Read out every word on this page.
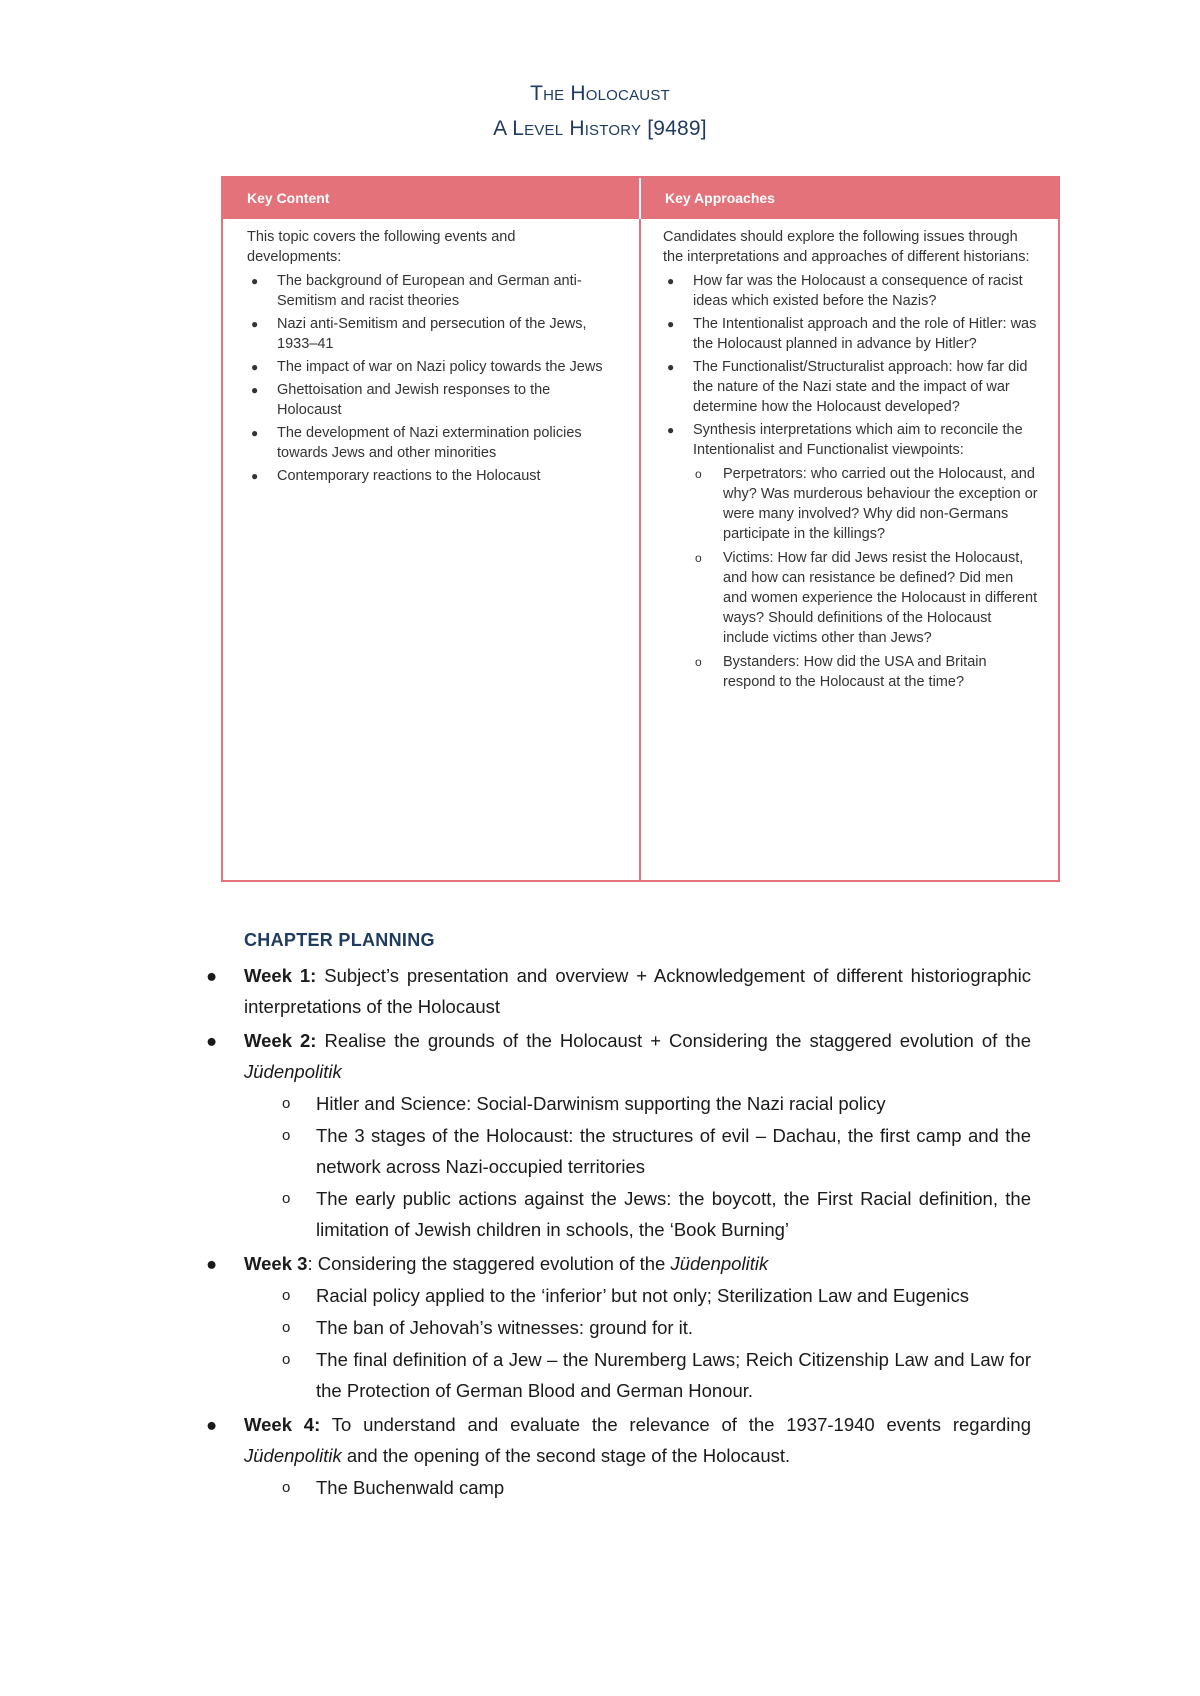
The Holocaust
A Level History [9489]
Key Content	Key Approaches

This topic covers the following events and developments:

● The background of European and German anti-Semitism and racist theories
● Nazi anti-Semitism and persecution of the Jews, 1933–41
● The impact of war on Nazi policy towards the Jews
● Ghettoisation and Jewish responses to the Holocaust
● The development of Nazi extermination policies towards Jews and other minorities
● Contemporary reactions to the Holocaust

Candidates should explore the following issues through the interpretations and approaches of different historians:

● How far was the Holocaust a consequence of racist ideas which existed before the Nazis?
● The Intentionalist approach and the role of Hitler: was the Holocaust planned in advance by Hitler?
● The Functionalist/Structuralist approach: how far did the nature of the Nazi state and the impact of war determine how the Holocaust developed?
● Synthesis interpretations which aim to reconcile the Intentionalist and Functionalist viewpoints:
o Perpetrators: who carried out the Holocaust, and why? Was murderous behaviour the exception or were many involved? Why did non-Germans participate in the killings?
o Victims: How far did Jews resist the Holocaust, and how can resistance be defined? Did men and women experience the Holocaust in different ways? Should definitions of the Holocaust include victims other than Jews?
o Bystanders: How did the USA and Britain respond to the Holocaust at the time?
CHAPTER PLANNING
● Week 1: Subject’s presentation and overview + Acknowledgement of different historiographic interpretations of the Holocaust
● Week 2: Realise the grounds of the Holocaust + Considering the staggered evolution of the Jüdenpolitik
o Hitler and Science: Social-Darwinism supporting the Nazi racial policy
o The 3 stages of the Holocaust: the structures of evil – Dachau, the first camp and the network across Nazi-occupied territories
o The early public actions against the Jews: the boycott, the First Racial definition, the limitation of Jewish children in schools, the ‘Book Burning’
● Week 3: Considering the staggered evolution of the Jüdenpolitik
o Racial policy applied to the ‘inferior’ but not only; Sterilization Law and Eugenics
o The ban of Jehovah’s witnesses: ground for it.
o The final definition of a Jew – the Nuremberg Laws; Reich Citizenship Law and Law for the Protection of German Blood and German Honour.
● Week 4: To understand and evaluate the relevance of the 1937-1940 events regarding Jüdenpolitik and the opening of the second stage of the Holocaust.
o The Buchenwald camp
